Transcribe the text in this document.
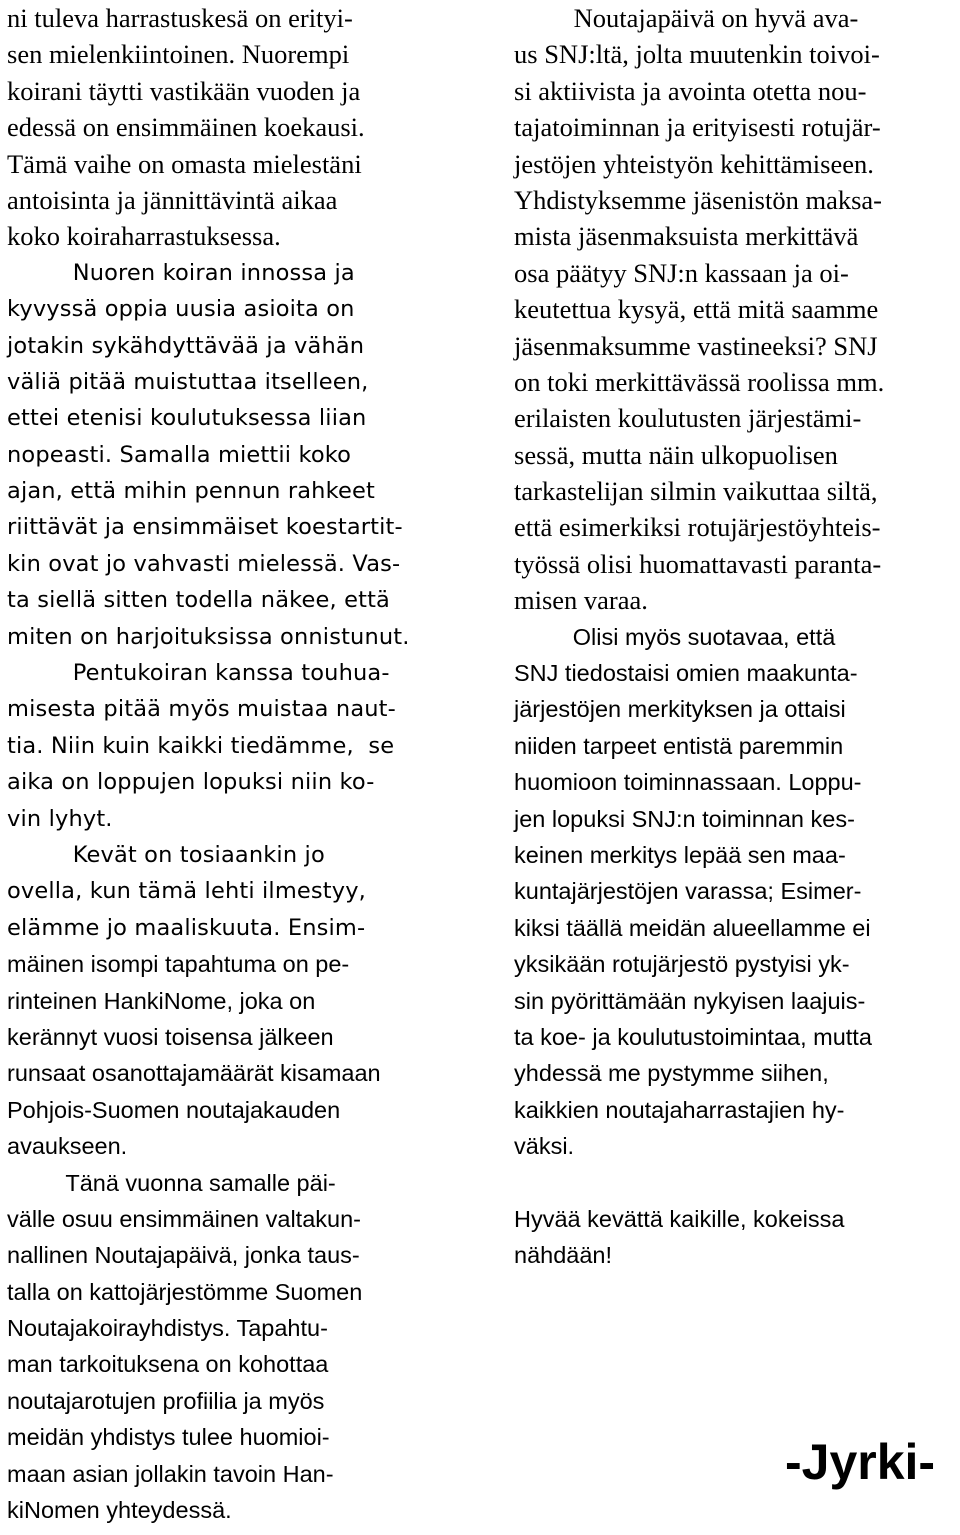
ni tuleva harrastuskesä on erityi-
sen mielenkiintoinen. Nuorempi
koirani täytti vastikään vuoden ja
edessä on ensimmäinen koekausi.
Tämä vaihe on omasta mielestäni
antoisinta ja jännittävintä aikaa
koko koiraharrastuksessa.
Nuoren koiran innossa ja
kyvyssä oppia uusia asioita on
jotakin sykähdyttävää ja vähän
väliä pitää muistuttaa itselleen,
ettei etenisi koulutuksessa liian
nopeasti. Samalla miettii koko
ajan, että mihin pennun rahkeet
riittävät ja ensimmäiset koestartit-
kin ovat jo vahvasti mielessä. Vas-
ta siellä sitten todella näkee, että
miten on harjoituksissa onnistunut.
Pentukoiran kanssa touhua-
misesta pitää myös muistaa naut-
tia. Niin kuin kaikki tiedämme,  se
aika on loppujen lopuksi niin ko-
vin lyhyt.
Kevät on tosiaankin jo
ovella, kun tämä lehti ilmestyy,
elämme jo maaliskuuta. Ensim-
mäinen isompi tapahtuma on pe-
rinteinen HankiNome, joka on
kerännyt vuosi toisensa jälkeen
runsaat osanottajamäärät kisamaan
Pohjois-Suomen noutajakauden
avaukseen.
Tänä vuonna samalle päi-
välle osuu ensimmäinen valtakun-
nallinen Noutajapäivä, jonka taus-
talla on kattojärjestömme Suomen
Noutajakoirayhdistys. Tapahtu-
man tarkoituksena on kohottaa
noutajarotujen profiilia ja myös
meidän yhdistys tulee huomioi-
maan asian jollakin tavoin Han-
kiNomen yhteydessä.
Noutajapäivä on hyvä ava-
us SNJ:ltä, jolta muutenkin toivoi-
si aktiivista ja avointa otetta nou-
tajatoiminnan ja erityisesti rotujär-
jestöjen yhteistyön kehittämiseen.
Yhdistyksemme jäsenistön maksa-
mista jäsenmaksuista merkittävä
osa päätyy SNJ:n kassaan ja oi-
keutettua kysyä, että mitä saamme
jäsenmaksumme vastineeksi? SNJ
on toki merkittävässä roolissa mm.
erilaisten koulutusten järjestämi-
sessä, mutta näin ulkopuolisen
tarkastelijan silmin vaikuttaa siltä,
että esimerkiksi rotujärjestöyhteis-
työssä olisi huomattavasti paranta-
misen varaa.
Olisi myös suotavaa, että
SNJ tiedostaisi omien maakunta-
järjestöjen merkityksen ja ottaisi
niiden tarpeet entistä paremmin
huomioon toiminnassaan. Loppu-
jen lopuksi SNJ:n toiminnan kes-
keinen merkitys lepää sen maa-
kuntajärjestöjen varassa; Esimer-
kiksi täällä meidän alueellamme ei
yksikään rotujärjestö pystyisi yk-
sin pyörittämään nykyisen laajuis-
ta koe- ja koulutustoimintaa, mutta
yhdessä me pystymme siihen,
kaikkien noutajaharrastajien hy-
väksi.
Hyvää kevättä kaikille, kokeissa
nähdään!
-Jyrki-
